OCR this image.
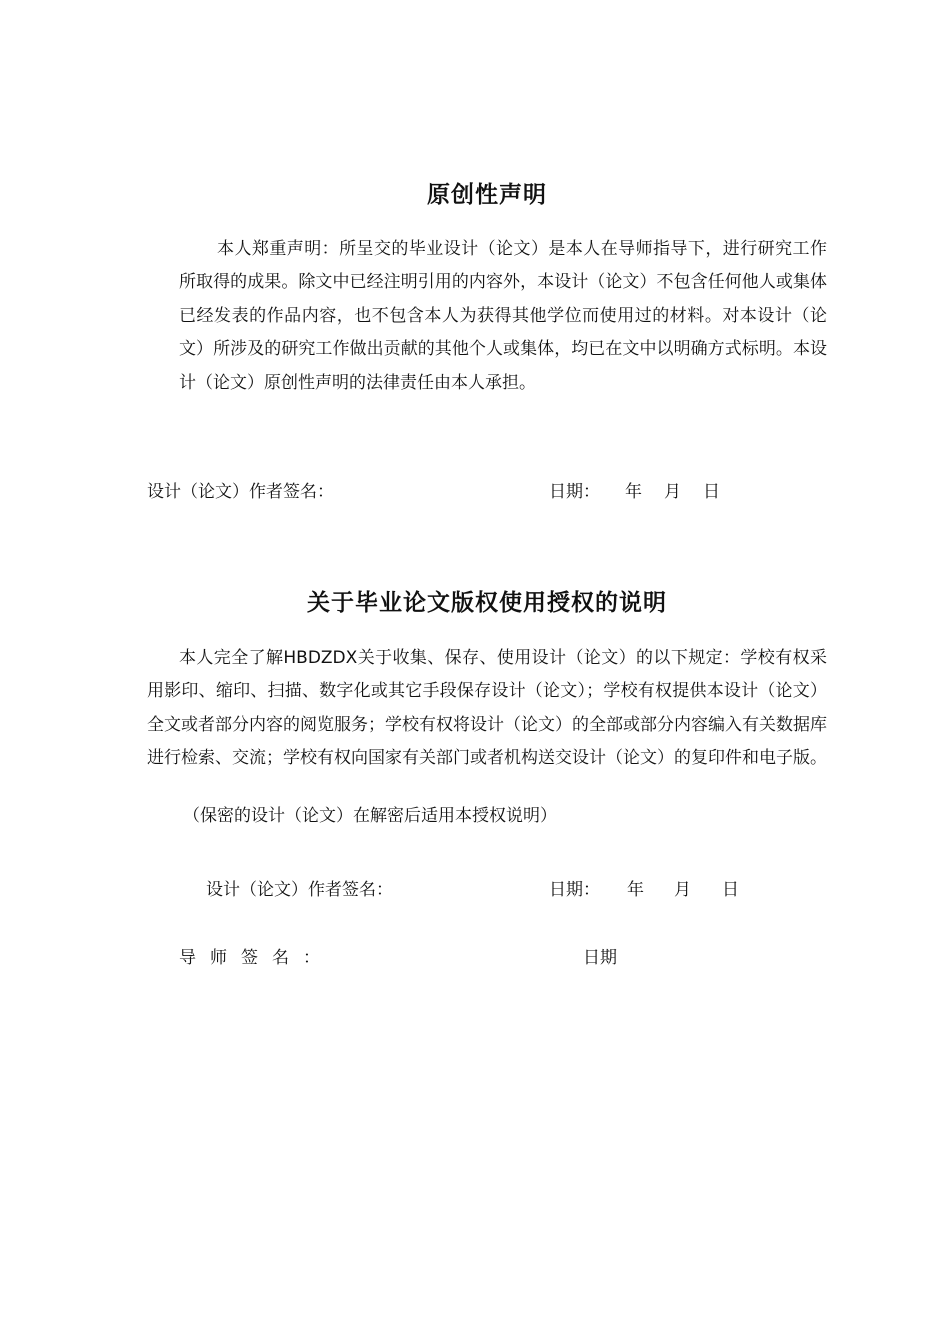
原创性声明

本人郑重声明：所呈交的毕业设计（论文）是本人在导师指导下，进行研究工作所取得的成果。除文中已经注明引用的内容外，本设计（论文）不包含任何他人或集体已经发表的作品内容，也不包含本人为获得其他学位而使用过的材料。对本设计（论文）所涉及的研究工作做出贡献的其他个人或集体，均已在文中以明确方式标明。本设计（论文）原创性声明的法律责任由本人承担。

设计（论文）作者签名：	日期： 年 月 日
关于毕业论文版权使用授权的说明

本人完全了解HBDZDX关于收集、保存、使用设计（论文）的以下规定：学校有权采用影印、缩印、扫描、数字化或其它手段保存设计（论文）；学校有权提供本设计（论文）全文或者部分内容的阅览服务；学校有权将设计（论文）的全部或部分内容编入有关数据库进行检索、交流；学校有权向国家有关部门或者机构送交设计（论文）的复印件和电子版。

（保密的设计（论文）在解密后适用本授权说明）

设计（论文）作者签名：	日期： 年 月 日
导师签名：	日期
